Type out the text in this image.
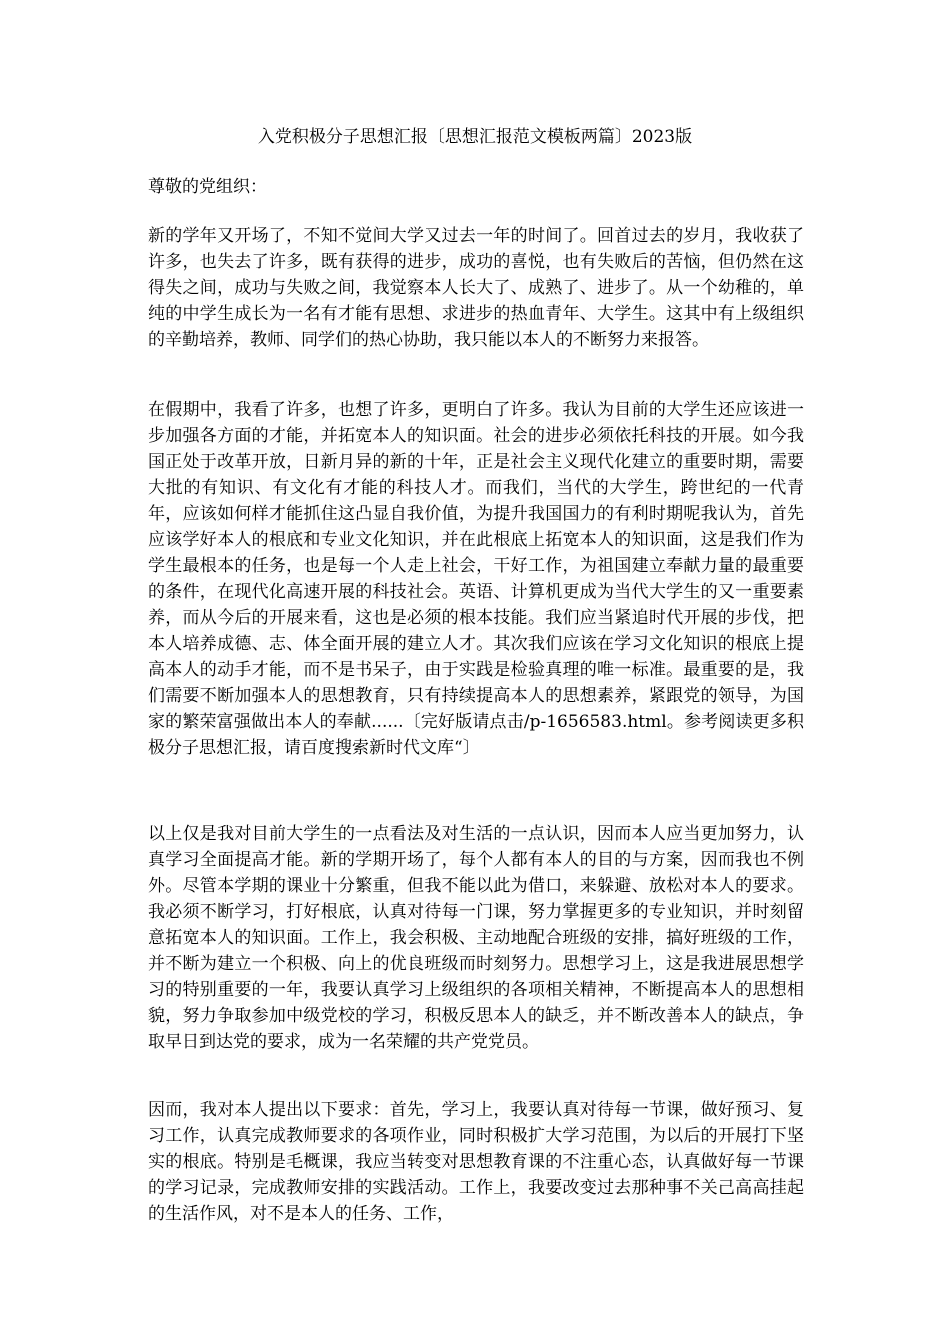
入党积极分子思想汇报〔思想汇报范文模板两篇〕2023版

尊敬的党组织：

新的学年又开场了，不知不觉间大学又过去一年的时间了。回首过去的岁月，我收获了许多，也失去了许多，既有获得的进步，成功的喜悦，也有失败后的苦恼，但仍然在这得失之间，成功与失败之间，我觉察本人长大了、成熟了、进步了。从一个幼稚的，单纯的中学生成长为一名有才能有思想、求进步的热血青年、大学生。这其中有上级组织的辛勤培养，教师、同学们的热心协助，我只能以本人的不断努力来报答。

在假期中，我看了许多，也想了许多，更明白了许多。我认为目前的大学生还应该进一步加强各方面的才能，并拓宽本人的知识面。社会的进步必须依托科技的开展。如今我国正处于改革开放，日新月异的新的十年，正是社会主义现代化建立的重要时期，需要大批的有知识、有文化有才能的科技人才。而我们，当代的大学生，跨世纪的一代青年，应该如何样才能抓住这凸显自我价值，为提升我国国力的有利时期呢我认为，首先应该学好本人的根底和专业文化知识，并在此根底上拓宽本人的知识面，这是我们作为学生最根本的任务，也是每一个人走上社会，干好工作，为祖国建立奉献力量的最重要的条件，在现代化高速开展的科技社会。英语、计算机更成为当代大学生的又一重要素养，而从今后的开展来看，这也是必须的根本技能。我们应当紧追时代开展的步伐，把本人培养成德、志、体全面开展的建立人才。其次我们应该在学习文化知识的根底上提高本人的动手才能，而不是书呆子，由于实践是检验真理的唯一标准。最重要的是，我们需要不断加强本人的思想教育，只有持续提高本人的思想素养，紧跟党的领导，为国家的繁荣富强做出本人的奉献......〔完好版请点击/p-1656583.html。参考阅读更多积极分子思想汇报，请百度搜索新时代文库“〕

以上仅是我对目前大学生的一点看法及对生活的一点认识，因而本人应当更加努力，认真学习全面提高才能。新的学期开场了，每个人都有本人的目的与方案，因而我也不例外。尽管本学期的课业十分繁重，但我不能以此为借口，来躲避、放松对本人的要求。我必须不断学习，打好根底，认真对待每一门课，努力掌握更多的专业知识，并时刻留意拓宽本人的知识面。工作上，我会积极、主动地配合班级的安排，搞好班级的工作，并不断为建立一个积极、向上的优良班级而时刻努力。思想学习上，这是我进展思想学习的特别重要的一年，我要认真学习上级组织的各项相关精神，不断提高本人的思想相貌，努力争取参加中级党校的学习，积极反思本人的缺乏，并不断改善本人的缺点，争取早日到达党的要求，成为一名荣耀的共产党党员。

因而，我对本人提出以下要求：首先，学习上，我要认真对待每一节课，做好预习、复习工作，认真完成教师要求的各项作业，同时积极扩大学习范围，为以后的开展打下坚实的根底。特别是毛概课，我应当转变对思想教育课的不注重心态，认真做好每一节课的学习记录，完成教师安排的实践活动。工作上，我要改变过去那种事不关己高高挂起的生活作风，对不是本人的任务、工作，
